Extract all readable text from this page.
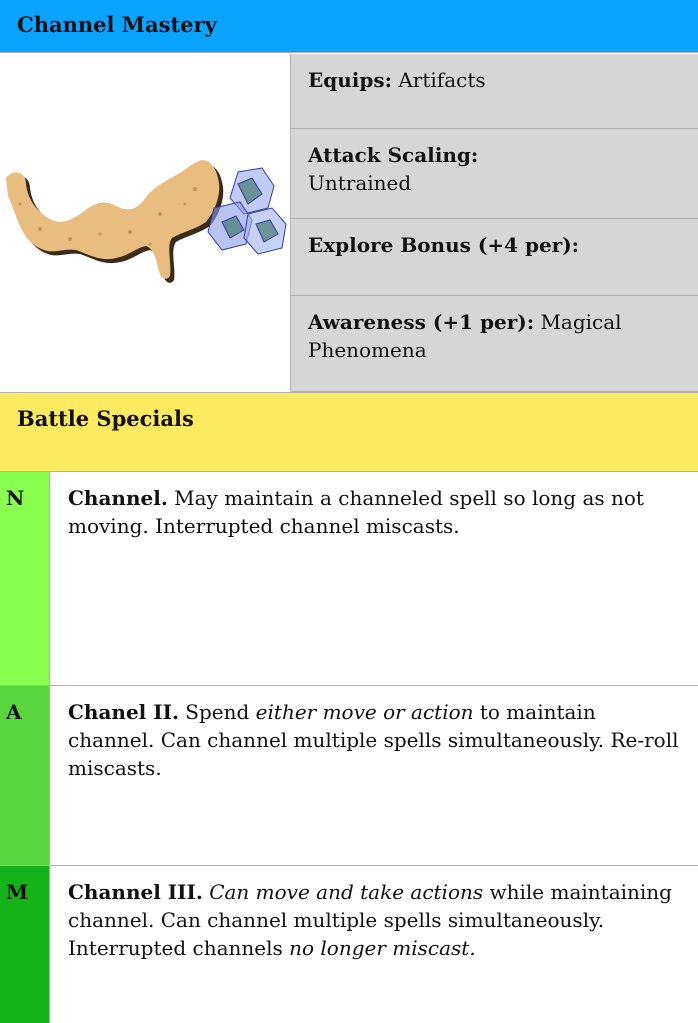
Channel Mastery
Equips: Artifacts
Attack Scaling:
Untrained
Explore Bonus (+4 per):
Awareness (+1 per): Magical Phenomena
Battle Specials
N	Channel. May maintain a channeled spell so long as not moving. Interrupted channel miscasts.
A	Chanel II. Spend either move or action to maintain channel. Can channel multiple spells simultaneously. Re-roll miscasts.
M	Channel III. Can move and take actions while maintaining channel. Can channel multiple spells simultaneously. Interrupted channels no longer miscast.
